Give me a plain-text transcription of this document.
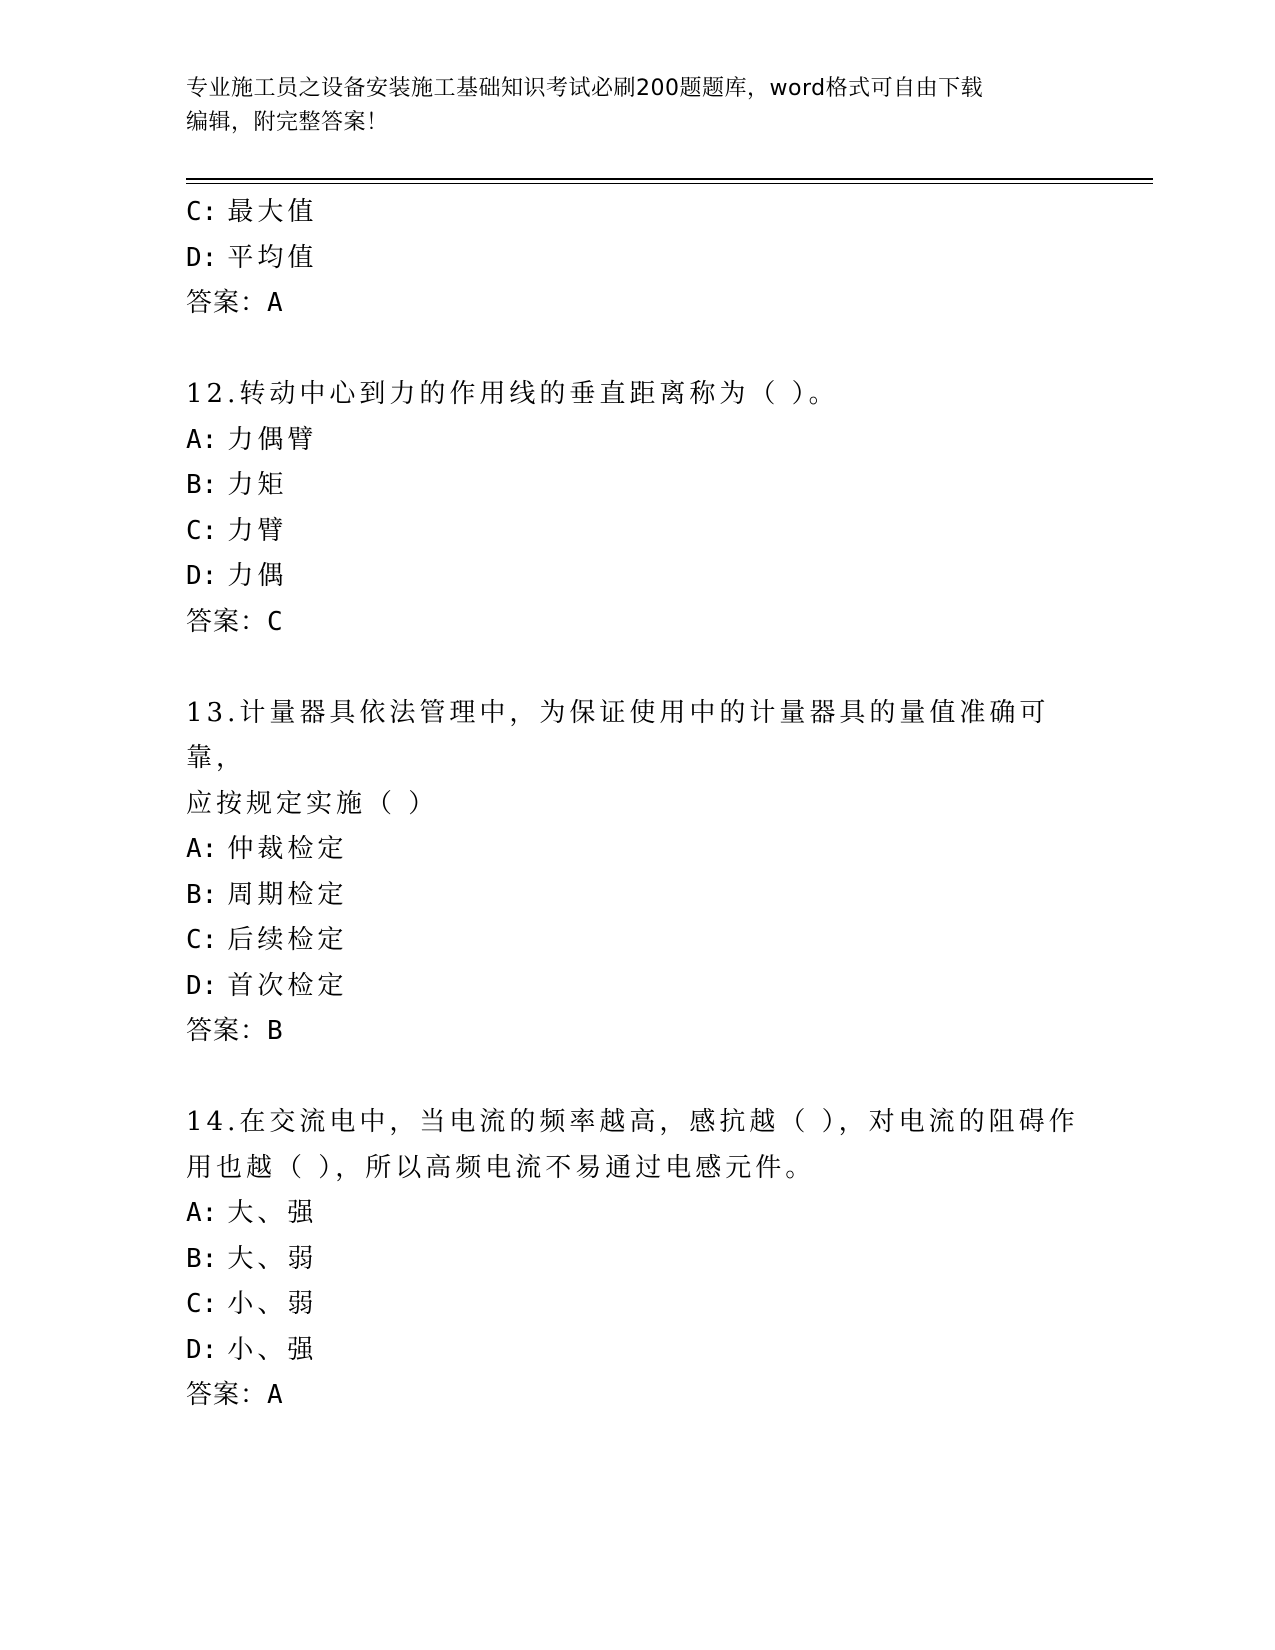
专业施工员之设备安装施工基础知识考试必刷200题题库，word格式可自由下载
编辑，附完整答案！
C: 最大值
D: 平均值
答案：A
12.转动中心到力的作用线的垂直距离称为（ ）。
A: 力偶臂
B: 力矩
C: 力臂
D: 力偶
答案：C
13.计量器具依法管理中，为保证使用中的计量器具的量值准确可靠，
应按规定实施（ ）
A: 仲裁检定
B: 周期检定
C: 后续检定
D: 首次检定
答案：B
14.在交流电中，当电流的频率越高，感抗越（ ），对电流的阻碍作
用也越（ ），所以高频电流不易通过电感元件。
A: 大、强
B: 大、弱
C: 小、弱
D: 小、强
答案：A
